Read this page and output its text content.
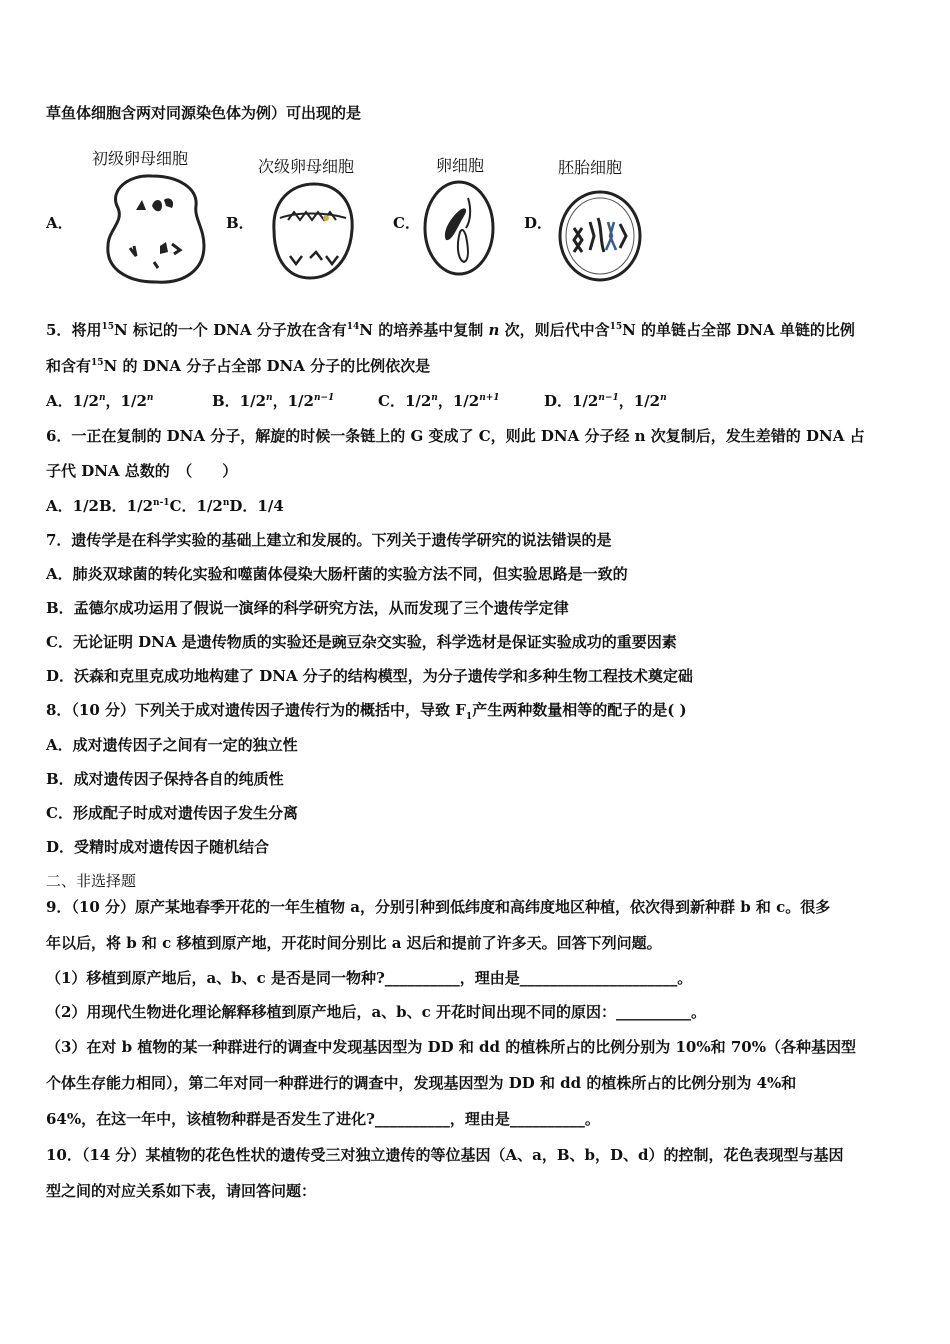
草鱼体细胞含两对同源染色体为例）可出现的是
初级卵母细胞	次级卵母细胞	卵细胞	胚胎细胞
A．	B．	C．	D．
5．将用$^{15}$N 标记的一个 DNA 分子放在含有$^{14}$N 的培养基中复制 n 次，则后代中含$^{15}$N 的单链占全部 DNA 单链的比例
和含有$^{15}$N 的 DNA 分子占全部 DNA 分子的比例依次是
A．1/2$^n$，1/2$^n$	B．1/2$^n$，$1/2^{n-1}$	C．1/2$^n$，$1/2^{n+1}$	D．$1/2^{n-1}$，1/2$^n$
6．一正在复制的 DNA 分子，解旋的时候一条链上的 G 变成了 C，则此 DNA 分子经 n 次复制后，发生差错的 DNA 占
子代 DNA 总数的　（　　）
A．1/2B．1/2$^{n-1}$C．1/2$^n$D．1/4
7．遗传学是在科学实验的基础上建立和发展的。下列关于遗传学研究的说法错误的是
A．肺炎双球菌的转化实验和噬菌体侵染大肠杆菌的实验方法不同，但实验思路是一致的
B．孟德尔成功运用了假说一演绎的科学研究方法，从而发现了三个遗传学定律
C．无论证明 DNA 是遗传物质的实验还是豌豆杂交实验，科学选材是保证实验成功的重要因素
D．沃森和克里克成功地构建了 DNA 分子的结构模型，为分子遗传学和多种生物工程技术奠定础
8．（10 分）下列关于成对遗传因子遗传行为的概括中，导致 $F_1$产生两种数量相等的配子的是( )
A．成对遗传因子之间有一定的独立性
B．成对遗传因子保持各自的纯质性
C．形成配子时成对遗传因子发生分离
D．受精时成对遗传因子随机结合
二、非选择题
9．（10 分）原产某地春季开花的一年生植物 a，分别引种到低纬度和高纬度地区种植，依次得到新种群 b 和 c。很多
年以后，将 b 和 c 移植到原产地，开花时间分别比 a 迟后和提前了许多天。回答下列问题。
（1）移植到原产地后，a、b、c 是否是同一物种?__________，理由是_____________________。
（2）用现代生物进化理论解释移植到原产地后，a、b、c 开花时间出现不同的原因：__________。
（3）在对 b 植物的某一种群进行的调查中发现基因型为 DD 和 dd 的植株所占的比例分别为 10%和 70%（各种基因型
个体生存能力相同），第二年对同一种群进行的调查中，发现基因型为 DD 和 dd 的植株所占的比例分别为 4%和
64%，在这一年中，该植物种群是否发生了进化?__________，理由是__________。
10．（14 分）某植物的花色性状的遗传受三对独立遗传的等位基因（A、a，B、b，D、d）的控制，花色表现型与基因
型之间的对应关系如下表，请回答问题：
